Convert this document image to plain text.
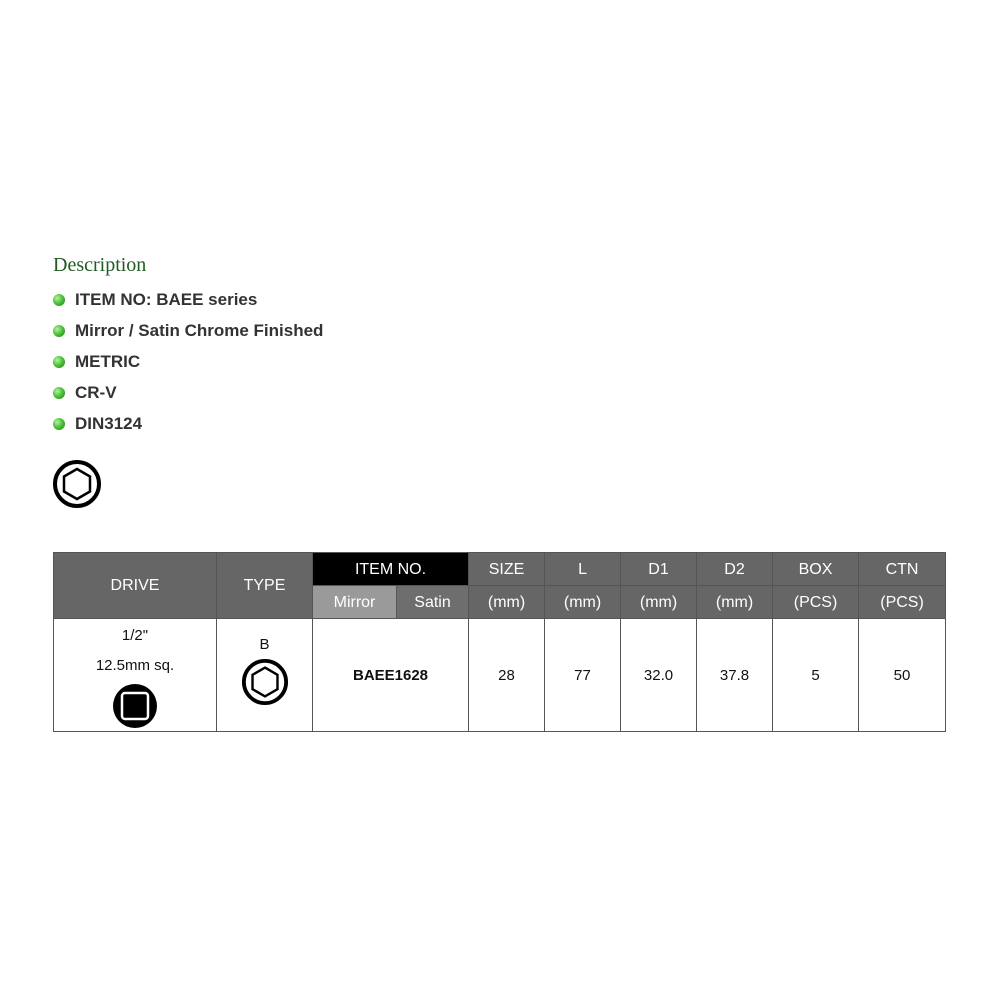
Description
ITEM NO: BAEE series
Mirror / Satin Chrome Finished
METRIC
CR-V
DIN3124
DRIVE	TYPE	ITEM NO.		SIZE	L	D1	D2	BOX	CTN
		Mirror	Satin	(mm)	(mm)	(mm)	(mm)	(PCS)	(PCS)

1/2"
12.5mm sq.	B	BAEE1628		28	77	32.0	37.8	5	50
